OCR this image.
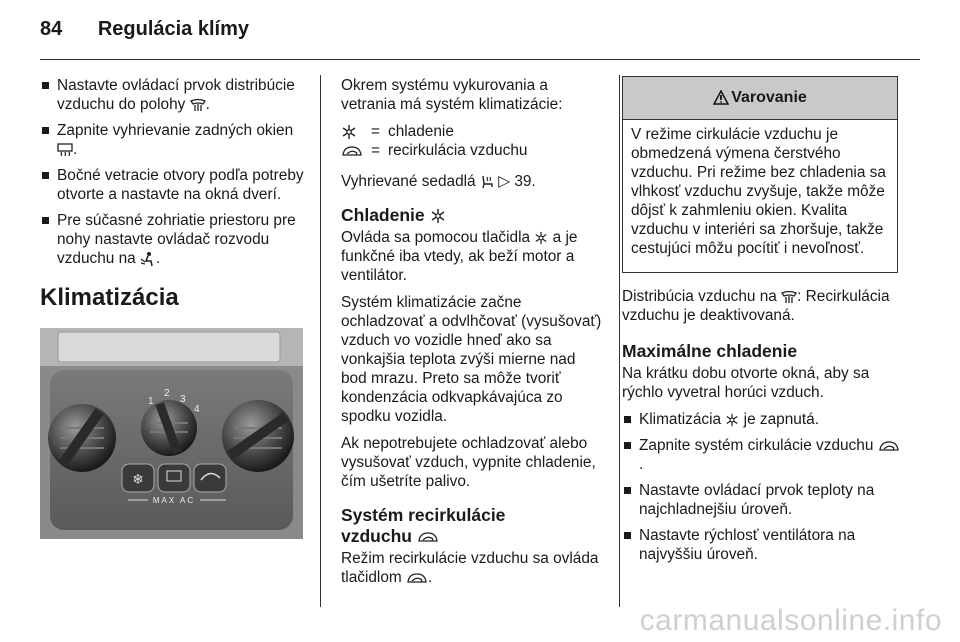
84 Regulácia klímy
Nastavte ovládací prvok distribúcie vzduchu do polohy .
Zapnite vyhrievanie zadných okien .
Bočné vetracie otvory podľa potreby otvorte a nastavte na okná dverí.
Pre súčasné zohriatie priestoru pre nohy nastavte ovládač rozvodu vzduchu na .
Klimatizácia
1
2
3
4
❄
MAX AC

Okrem systému vykurovania a vetrania má systém klimatizácie:

	=	chladenie
	=	recirkulácia vzduchu

Vyhrievané sedadlá ▷ 39.

Chladenie

Ovláda sa pomocou tlačidla a je funkčné iba vtedy, ak beží motor a ventilátor.

Systém klimatizácie začne ochladzovať a odvlhčovať (vysušovať) vzduch vo vozidle hneď ako sa vonkajšia teplota zvýši mierne nad bod mrazu. Preto sa môže tvoriť kondenzácia odkvapkávajúca zo spodku vozidla.

Ak nepotrebujete ochladzovať alebo vysušovať vzduch, vypnite chladenie, čím ušetríte palivo.

Systém recirkulácie
vzduchu

Režim recirkulácie vzduchu sa ovláda tlačidlom .

Varovanie
V režime cirkulácie vzduchu je obmedzená výmena čerstvého vzduchu. Pri režime bez chladenia sa vlhkosť vzduchu zvyšuje, takže môže dôjsť k zahmleniu okien. Kvalita vzduchu v interiéri sa zhoršuje, takže cestujúci môžu pocítiť i nevoľnosť.

Distribúcia vzduchu na : Recirkulácia vzduchu je deaktivovaná.

Maximálne chladenie

Na krátku dobu otvorte okná, aby sa rýchlo vyvetral horúci vzduch.

Klimatizácia je zapnutá.
Zapnite systém cirkulácie vzduchu .
Nastavte ovládací prvok teploty na najchladnejšiu úroveň.
Nastavte rýchlosť ventilátora na najvyššiu úroveň.
carmanualsonline.info
